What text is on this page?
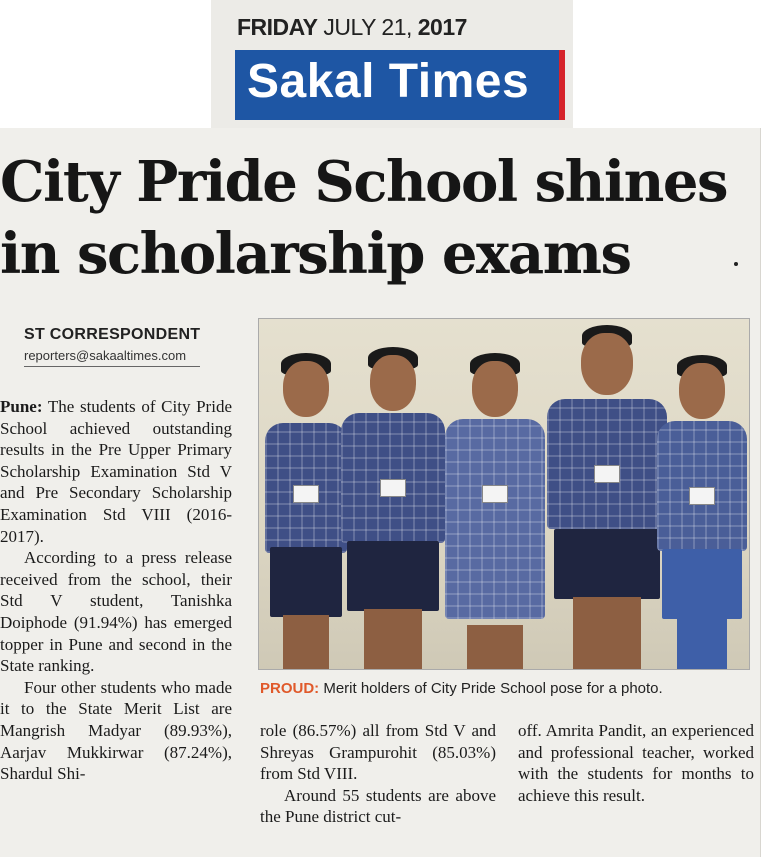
FRIDAY JULY 21, 2017
Sakal Times
City Pride School shines
in scholarship exams
ST CORRESPONDENT
reporters@sakaaltimes.com
PROUD: Merit holders of City Pride School pose for a photo.

Pune: The students of City Pride School achieved outstanding results in the Pre Upper Primary Scholarship Examination Std V and Pre Secondary Scholarship Examination Std VIII (2016-2017).

According to a press release received from the school, their Std V student, Tanishka Doiphode (91.94%) has emerged topper in Pune and second in the State ranking.

Four other students who made it to the State Merit List are Mangrish Madyar (89.93%), Aarjav Mukkirwar (87.24%), Shardul Shi-

role (86.57%) all from Std V and Shreyas Grampurohit (85.03%) from Std VIII.

Around 55 students are above the Pune district cut-

off. Amrita Pandit, an experienced and professional teacher, worked with the students for months to achieve this result.
